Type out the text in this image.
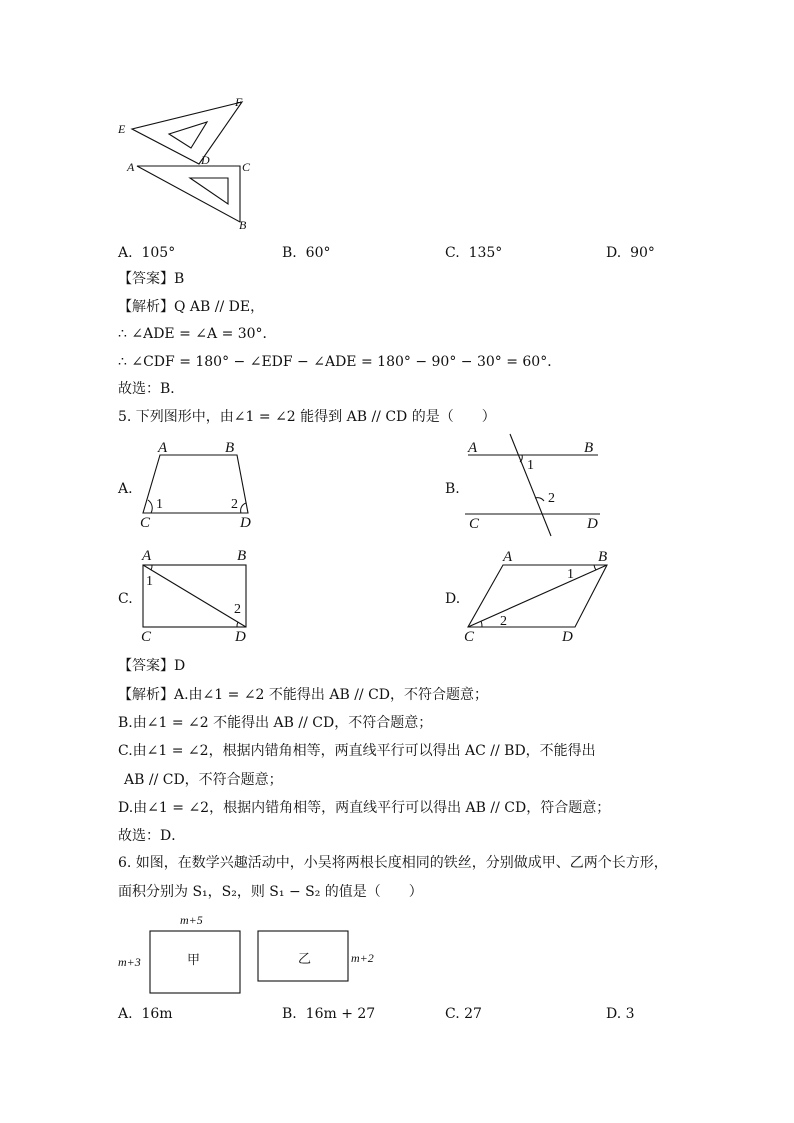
E
F
D
A	C
B
A. 105°	B. 60°	C. 135°	D. 90°
【答案】B
【解析】Q AB // DE，
∴ ∠ADE = ∠A = 30°．
∴ ∠CDF = 180° − ∠EDF − ∠ADE = 180° − 90° − 30° = 60°．
故选：B．
5. 下列图形中，由∠1 = ∠2 能得到 AB // CD 的是（　　）
A.
A	B
C	D
1	2
B.
A	B
C	D
1
2
C.
A	B
C	D
1
2
D.
A	B
C	D
1
2
【答案】D
【解析】A.由∠1 = ∠2 不能得出 AB // CD，不符合题意；
B.由∠1 = ∠2 不能得出 AB // CD，不符合题意；
C.由∠1 = ∠2，根据内错角相等，两直线平行可以得出 AC // BD，不能得出
AB // CD，不符合题意；
D.由∠1 = ∠2，根据内错角相等，两直线平行可以得出 AB // CD，符合题意；
故选：D．
6. 如图，在数学兴趣活动中，小吴将两根长度相同的铁丝，分别做成甲、乙两个长方形，
面积分别为 S₁，S₂，则 S₁ − S₂ 的值是（　　）
m+5
m+3	甲	乙	m+2
A. 16m	B. 16m + 27	C. 27	D. 3
